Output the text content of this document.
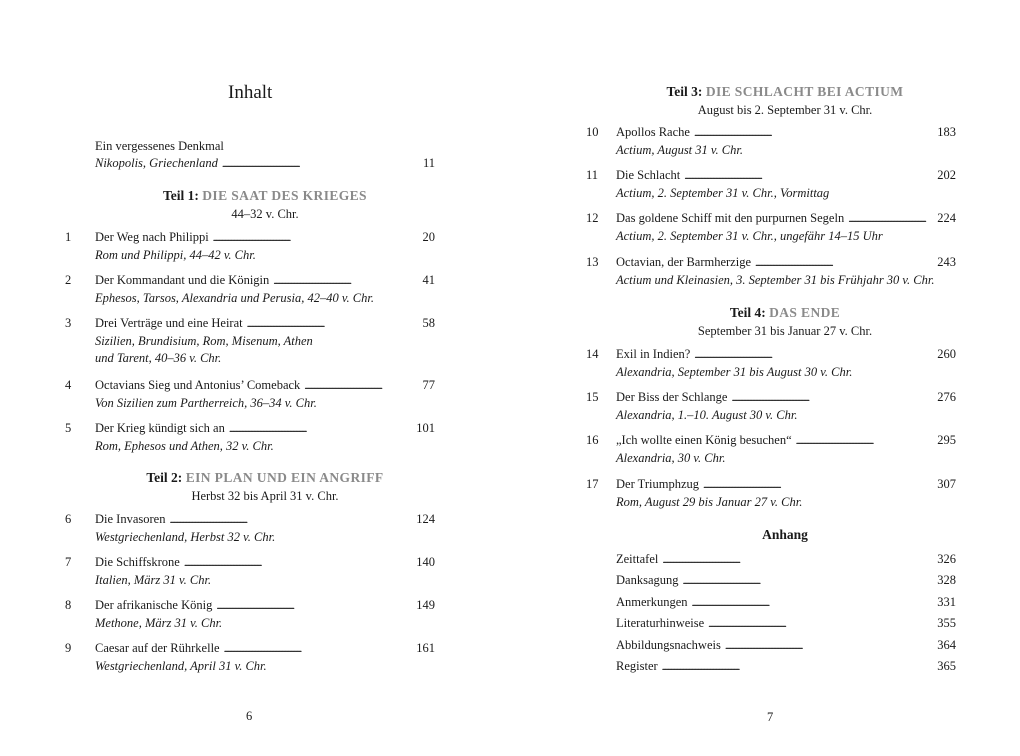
Inhalt
Ein vergessenes Denkmal
Nikopolis, Griechenland . . .	11
Teil 1: DIE SAAT DES KRIEGES
44–32 v. Chr.
1	Der Weg nach Philippi . . .	20
Rom und Philippi, 44–42 v. Chr.
2	Der Kommandant und die Königin . . .	41
Ephesos, Tarsos, Alexandria und Perusia, 42–40 v. Chr.
3	Drei Verträge und eine Heirat . . .	58
Sizilien, Brundisium, Rom, Misenum, Athen
und Tarent, 40–36 v. Chr.
4	Octavians Sieg und Antonius’ Comeback . . .	77
Von Sizilien zum Partherreich, 36–34 v. Chr.
5	Der Krieg kündigt sich an . . .	101
Rom, Ephesos und Athen, 32 v. Chr.
Teil 2: EIN PLAN UND EIN ANGRIFF
Herbst 32 bis April 31 v. Chr.
6	Die Invasoren . . .	124
Westgriechenland, Herbst 32 v. Chr.
7	Die Schiffskrone . . .	140
Italien, März 31 v. Chr.
8	Der afrikanische König . . .	149
Methone, März 31 v. Chr.
9	Caesar auf der Rührkelle . . .	161
Westgriechenland, April 31 v. Chr.
6
Teil 3: DIE SCHLACHT BEI ACTIUM
August bis 2. September 31 v. Chr.
10 Apollos Rache . . .	183
Actium, August 31 v. Chr.
11 Die Schlacht . . .	202
Actium, 2. September 31 v. Chr., Vormittag
12 Das goldene Schiff mit den purpurnen Segeln . . .	224
Actium, 2. September 31 v. Chr., ungefähr 14–15 Uhr
13 Octavian, der Barmherzige . . .	243
Actium und Kleinasien, 3. September 31 bis Frühjahr 30 v. Chr.
Teil 4: DAS ENDE
September 31 bis Januar 27 v. Chr.
14 Exil in Indien? . . .	260
Alexandria, September 31 bis August 30 v. Chr.
15 Der Biss der Schlange . . .	276
Alexandria, 1.–10. August 30 v. Chr.
16 „Ich wollte einen König besuchen“ . . .	295
Alexandria, 30 v. Chr.
17 Der Triumphzug . . .	307
Rom, August 29 bis Januar 27 v. Chr.
Anhang
Zeittafel . . .	326
Danksagung . . .	328
Anmerkungen . . .	331
Literaturhinweise . . .	355
Abbildungsnachweis . . .	364
Register . . .	365
7
